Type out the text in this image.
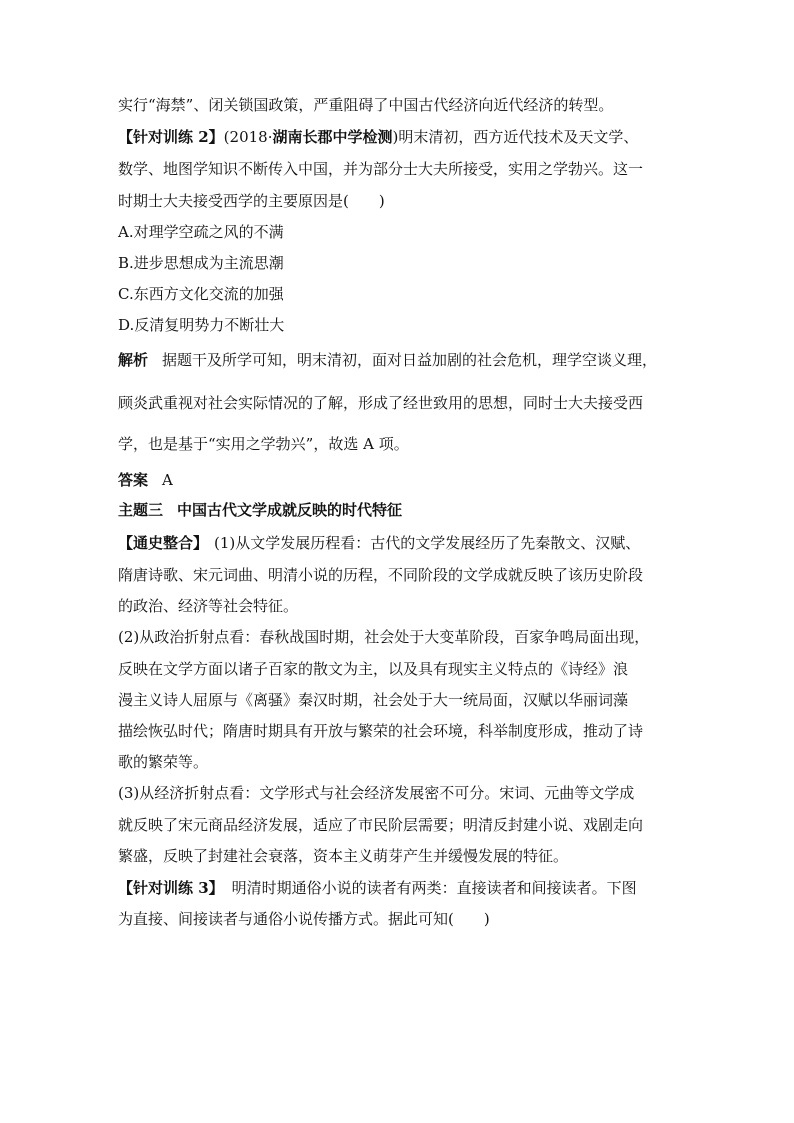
实行“海禁”、闭关锁国政策，严重阻碍了中国古代经济向近代经济的转型。
【针对训练 2】(2018·湖南长郡中学检测)明末清初，西方近代技术及天文学、
数学、地图学知识不断传入中国，并为部分士大夫所接受，实用之学勃兴。这一
时期士大夫接受西学的主要原因是(　　)
A.对理学空疏之风的不满
B.进步思想成为主流思潮
C.东西方文化交流的加强
D.反清复明势力不断壮大
解析 据题干及所学可知，明末清初，面对日益加剧的社会危机，理学空谈义理，
顾炎武重视对社会实际情况的了解，形成了经世致用的思想，同时士大夫接受西
学，也是基于“实用之学勃兴”，故选 A 项。
答案 A
主题三 中国古代文学成就反映的时代特征
【通史整合】 (1)从文学发展历程看：古代的文学发展经历了先秦散文、汉赋、
隋唐诗歌、宋元词曲、明清小说的历程，不同阶段的文学成就反映了该历史阶段
的政治、经济等社会特征。
(2)从政治折射点看：春秋战国时期，社会处于大变革阶段，百家争鸣局面出现，
反映在文学方面以诸子百家的散文为主，以及具有现实主义特点的《诗经》浪
漫主义诗人屈原与《离骚》秦汉时期，社会处于大一统局面，汉赋以华丽词藻
描绘恢弘时代；隋唐时期具有开放与繁荣的社会环境，科举制度形成，推动了诗
歌的繁荣等。
(3)从经济折射点看：文学形式与社会经济发展密不可分。宋词、元曲等文学成
就反映了宋元商品经济发展，适应了市民阶层需要；明清反封建小说、戏剧走向
繁盛，反映了封建社会衰落，资本主义萌芽产生并缓慢发展的特征。
【针对训练 3】 明清时期通俗小说的读者有两类：直接读者和间接读者。下图
为直接、间接读者与通俗小说传播方式。据此可知(　　)
